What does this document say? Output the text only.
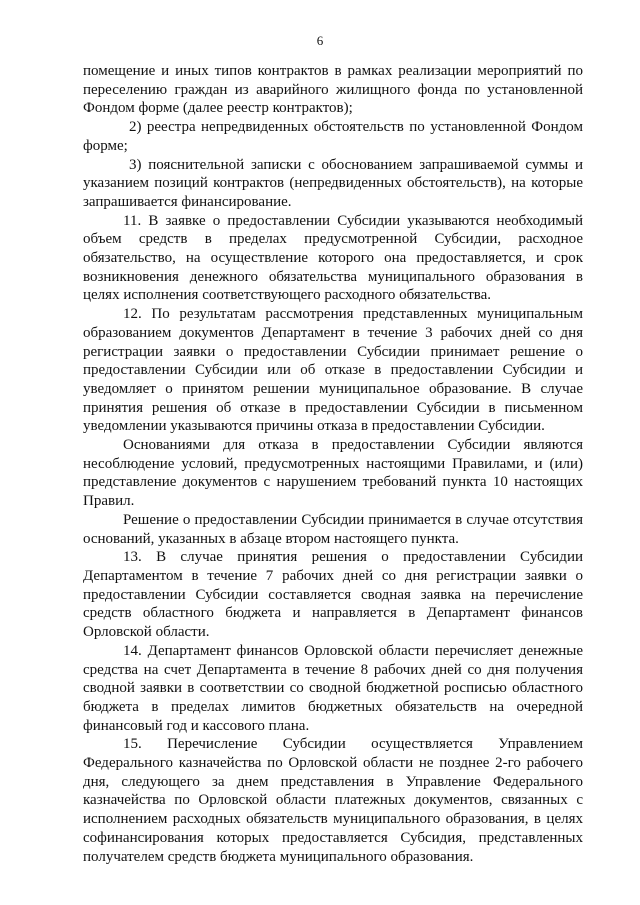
6

помещение и иных типов контрактов в рамках реализации мероприятий по переселению граждан из аварийного жилищного фонда по установленной Фондом форме (далее реестр контрактов);

2) реестра непредвиденных обстоятельств по установленной Фондом форме;

3) пояснительной записки с обоснованием запрашиваемой суммы и указанием позиций контрактов (непредвиденных обстоятельств), на которые запрашивается финансирование.

11. В заявке о предоставлении Субсидии указываются необходимый объем средств в пределах предусмотренной Субсидии, расходное обязательство, на осуществление которого она предоставляется, и срок возникновения денежного обязательства муниципального образования в целях исполнения соответствующего расходного обязательства.

12. По результатам рассмотрения представленных муниципальным образованием документов Департамент в течение 3 рабочих дней со дня регистрации заявки о предоставлении Субсидии принимает решение о предоставлении Субсидии или об отказе в предоставлении Субсидии и уведомляет о принятом решении муниципальное образование. В случае принятия решения об отказе в предоставлении Субсидии в письменном уведомлении указываются причины отказа в предоставлении Субсидии.

Основаниями для отказа в предоставлении Субсидии являются несоблюдение условий, предусмотренных настоящими Правилами, и (или) представление документов с нарушением требований пункта 10 настоящих Правил.

Решение о предоставлении Субсидии принимается в случае отсутствия оснований, указанных в абзаце втором настоящего пункта.

13. В случае принятия решения о предоставлении Субсидии Департаментом в течение 7 рабочих дней со дня регистрации заявки о предоставлении Субсидии составляется сводная заявка на перечисление средств областного бюджета и направляется в Департамент финансов Орловской области.

14. Департамент финансов Орловской области перечисляет денежные средства на счет Департамента в течение 8 рабочих дней со дня получения сводной заявки в соответствии со сводной бюджетной росписью областного бюджета в пределах лимитов бюджетных обязательств на очередной финансовый год и кассового плана.

15. Перечисление Субсидии осуществляется Управлением Федерального казначейства по Орловской области не позднее 2-го рабочего дня, следующего за днем представления в Управление Федерального казначейства по Орловской области платежных документов, связанных с исполнением расходных обязательств муниципального образования, в целях софинансирования которых предоставляется Субсидия, представленных получателем средств бюджета муниципального образования.
